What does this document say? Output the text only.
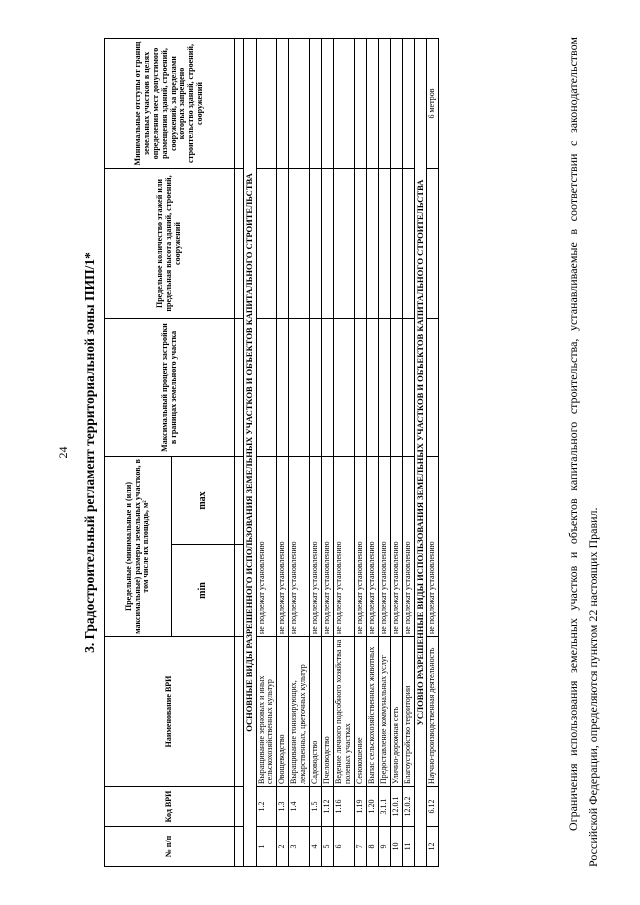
24 3. Градостроительный регламент территориальной зоны ПИП/1*
№ п/п	Код ВРИ	Наименование ВРИ	Предельные (минимальные и (или) максимальные) размеры земельных участков, в том числе их площадь, м²		Максимальный процент застройки в границах земельного участка	Предельное количество этажей или предельная высота зданий, строений, сооружений	Минимальные отступы от границ земельных участков в целях определения мест допустимого размещения зданий, строений, сооружений, за пределами которых запрещено строительство зданий, строений, сооружений
			min	max			

ОСНОВНЫЕ ВИДЫ РАЗРЕШЕННОГО ИСПОЛЬЗОВАНИЯ ЗЕМЕЛЬНЫХ УЧАСТКОВ И ОБЪЕКТОВ КАПИТАЛЬНОГО СТРОИТЕЛЬСТВА							
1	1.2	Выращивание зерновых и иных сельскохозяйственных культур	не подлежат установлению				
2	1.3	Овощеводство	не подлежат установлению				
3	1.4	Выращивание тонизирующих, лекарственных, цветочных культур	не подлежат установлению				
4	1.5	Садоводство	не подлежат установлению				
5	1.12	Пчеловодство	не подлежат установлению				
6	1.16	Ведение личного подсобного хозяйства на полевых участках	не подлежат установлению				
7	1.19	Сенокошение	не подлежат установлению				
8	1.20	Выпас сельскохозяйственных животных	не подлежат установлению				
9	3.1.1	Предоставление коммунальных услуг	не подлежат установлению				
10	12.0.1	Улично-дорожная сеть	не подлежат установлению				
11	12.0.2	Благоустройство территории	не подлежат установлению				
УСЛОВНО РАЗРЕШЕННЫЕ ВИДЫ ИСПОЛЬЗОВАНИЯ ЗЕМЕЛЬНЫХ УЧАСТКОВ И ОБЪЕКТОВ КАПИТАЛЬНОГО СТРОИТЕЛЬСТВА							
12	6.12	Научно-производственная деятельность	не подлежат установлению				6 метров	Ограничения использования земельных участков и объектов капитального строительства, устанавливаемые в соответствии с законодательством Российской Федерации, определяются пунктом 22 настоящих Правил.
